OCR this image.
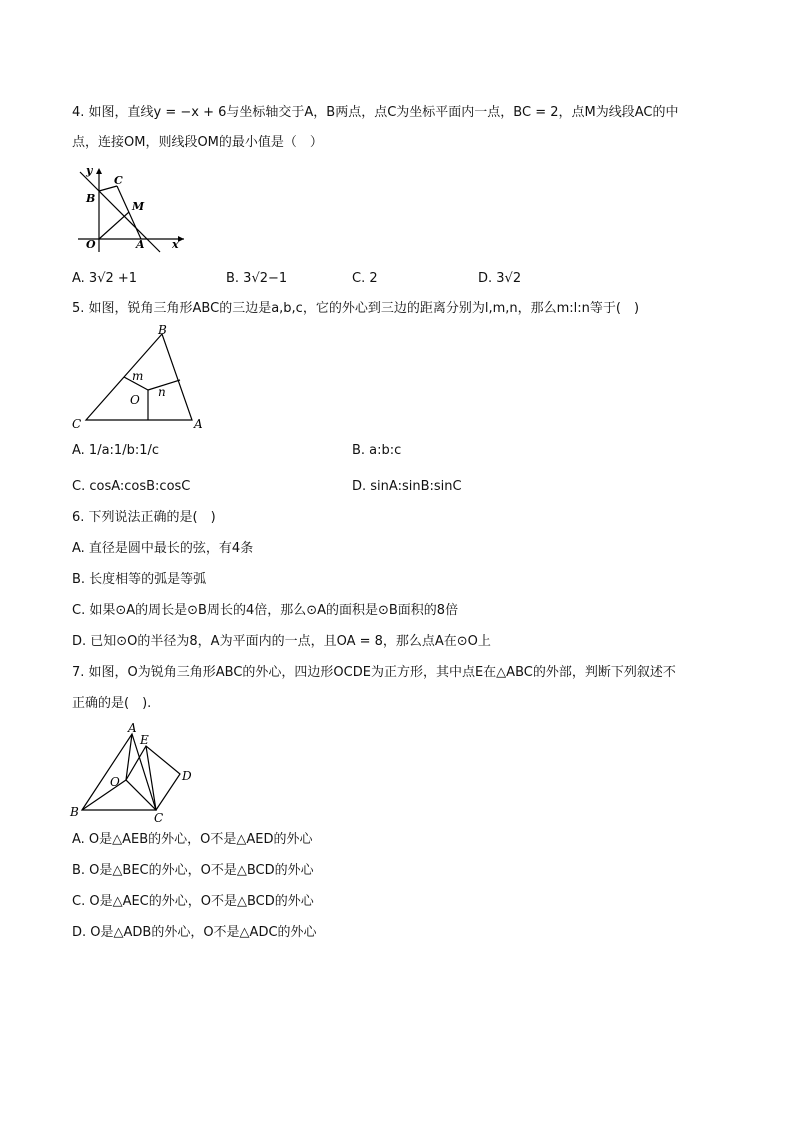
4. 如图，直线y = −x + 6与坐标轴交于A，B两点，点C为坐标平面内一点，BC = 2，点M为线段AC的中
点，连接OM，则线段OM的最小值是（　）
y
C
B
M
O	A x
A. 3√2 +1	B. 3√2−1	C. 2	D. 3√2
5. 如图，锐角三角形ABC的三边是a,b,c，它的外心到三边的距离分别为l,m,n，那么m:l:n等于(　)
B
m
O
n
C	A
A. 1/a:1/b:1/c	B. a:b:c
C. cosA:cosB:cosC	D. sinA:sinB:sinC
6. 下列说法正确的是(　)
A. 直径是圆中最长的弦，有4条
B. 长度相等的弧是等弧
C. 如果⊙A的周长是⊙B周长的4倍，那么⊙A的面积是⊙B面积的8倍
D. 已知⊙O的半径为8，A为平面内的一点，且OA = 8，那么点A在⊙O上
7. 如图，O为锐角三角形ABC的外心，四边形OCDE为正方形，其中点E在△ABC的外部，判断下列叙述不
正确的是(　).
A
E
O	D
B	C
A. O是△AEB的外心，O不是△AED的外心
B. O是△BEC的外心，O不是△BCD的外心
C. O是△AEC的外心，O不是△BCD的外心
D. O是△ADB的外心，O不是△ADC的外心
